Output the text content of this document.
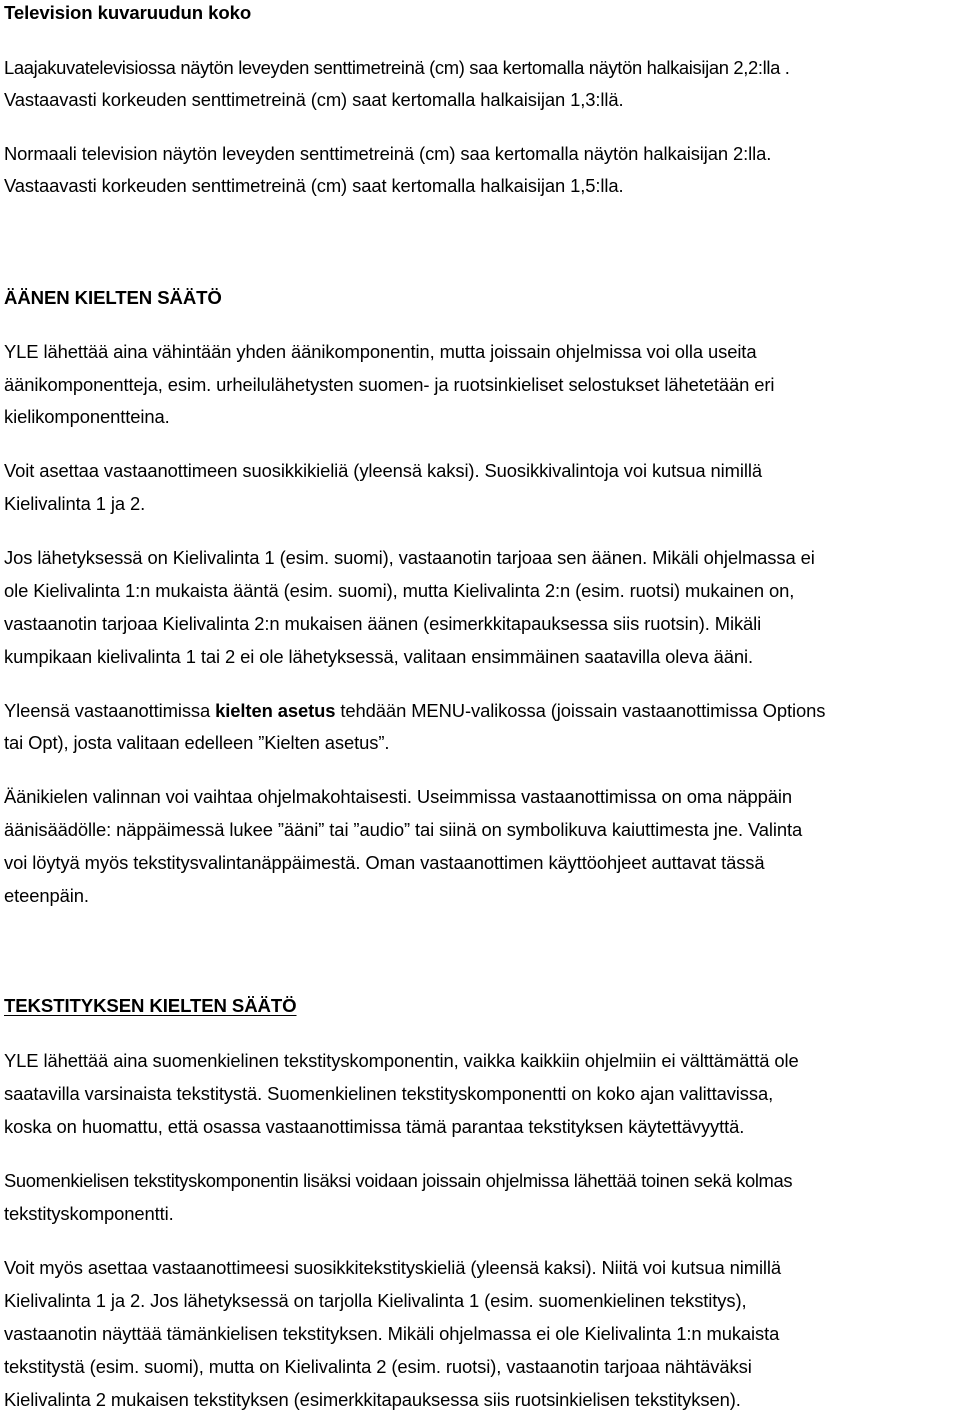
Television kuvaruudun koko
Laajakuvatelevisiossa näytön leveyden senttimetreinä (cm) saa kertomalla näytön halkaisijan 2,2:lla .
Vastaavasti korkeuden senttimetreinä (cm) saat kertomalla halkaisijan 1,3:llä.
Normaali television näytön leveyden senttimetreinä (cm) saa kertomalla näytön halkaisijan 2:lla.
Vastaavasti korkeuden senttimetreinä (cm) saat kertomalla halkaisijan 1,5:lla.
ÄÄNEN KIELTEN SÄÄTÖ
YLE lähettää aina vähintään yhden äänikomponentin, mutta joissain ohjelmissa voi olla useita
äänikomponentteja, esim. urheilulähetysten suomen- ja ruotsinkieliset selostukset lähetetään eri
kielikomponentteina.
Voit asettaa vastaanottimeen suosikkikieliä (yleensä kaksi). Suosikkivalintoja voi kutsua nimillä
Kielivalinta 1 ja 2.
Jos lähetyksessä on Kielivalinta 1 (esim. suomi), vastaanotin tarjoaa sen äänen. Mikäli ohjelmassa ei
ole Kielivalinta 1:n mukaista ääntä (esim. suomi), mutta Kielivalinta 2:n (esim. ruotsi) mukainen on,
vastaanotin tarjoaa Kielivalinta 2:n mukaisen äänen (esimerkkitapauksessa siis ruotsin). Mikäli
kumpikaan kielivalinta 1 tai 2 ei ole lähetyksessä, valitaan ensimmäinen saatavilla oleva ääni.
Yleensä vastaanottimissa kielten asetus tehdään MENU-valikossa (joissain vastaanottimissa Options
tai Opt), josta valitaan edelleen ”Kielten asetus”.
Äänikielen valinnan voi vaihtaa ohjelmakohtaisesti. Useimmissa vastaanottimissa on oma näppäin
äänisäädölle: näppäimessä lukee ”ääni” tai ”audio” tai siinä on symbolikuva kaiuttimesta jne. Valinta
voi löytyä myös tekstitysvalintanäppäimestä. Oman vastaanottimen käyttöohjeet auttavat tässä
eteenpäin.
TEKSTITYKSEN KIELTEN SÄÄTÖ
YLE lähettää aina suomenkielinen tekstityskomponentin, vaikka kaikkiin ohjelmiin ei välttämättä ole
saatavilla varsinaista tekstitystä. Suomenkielinen tekstityskomponentti on koko ajan valittavissa,
koska on huomattu, että osassa vastaanottimissa tämä parantaa tekstityksen käytettävyyttä.
Suomenkielisen tekstityskomponentin lisäksi voidaan joissain ohjelmissa lähettää toinen sekä kolmas
tekstityskomponentti.
Voit myös asettaa vastaanottimeesi suosikkitekstityskieliä (yleensä kaksi). Niitä voi kutsua nimillä
Kielivalinta 1 ja 2. Jos lähetyksessä on tarjolla Kielivalinta 1 (esim. suomenkielinen tekstitys),
vastaanotin näyttää tämänkielisen tekstityksen. Mikäli ohjelmassa ei ole Kielivalinta 1:n mukaista
tekstitystä (esim. suomi), mutta on Kielivalinta 2 (esim. ruotsi), vastaanotin tarjoaa nähtäväksi
Kielivalinta 2 mukaisen tekstityksen (esimerkkitapauksessa siis ruotsinkielisen tekstityksen).
